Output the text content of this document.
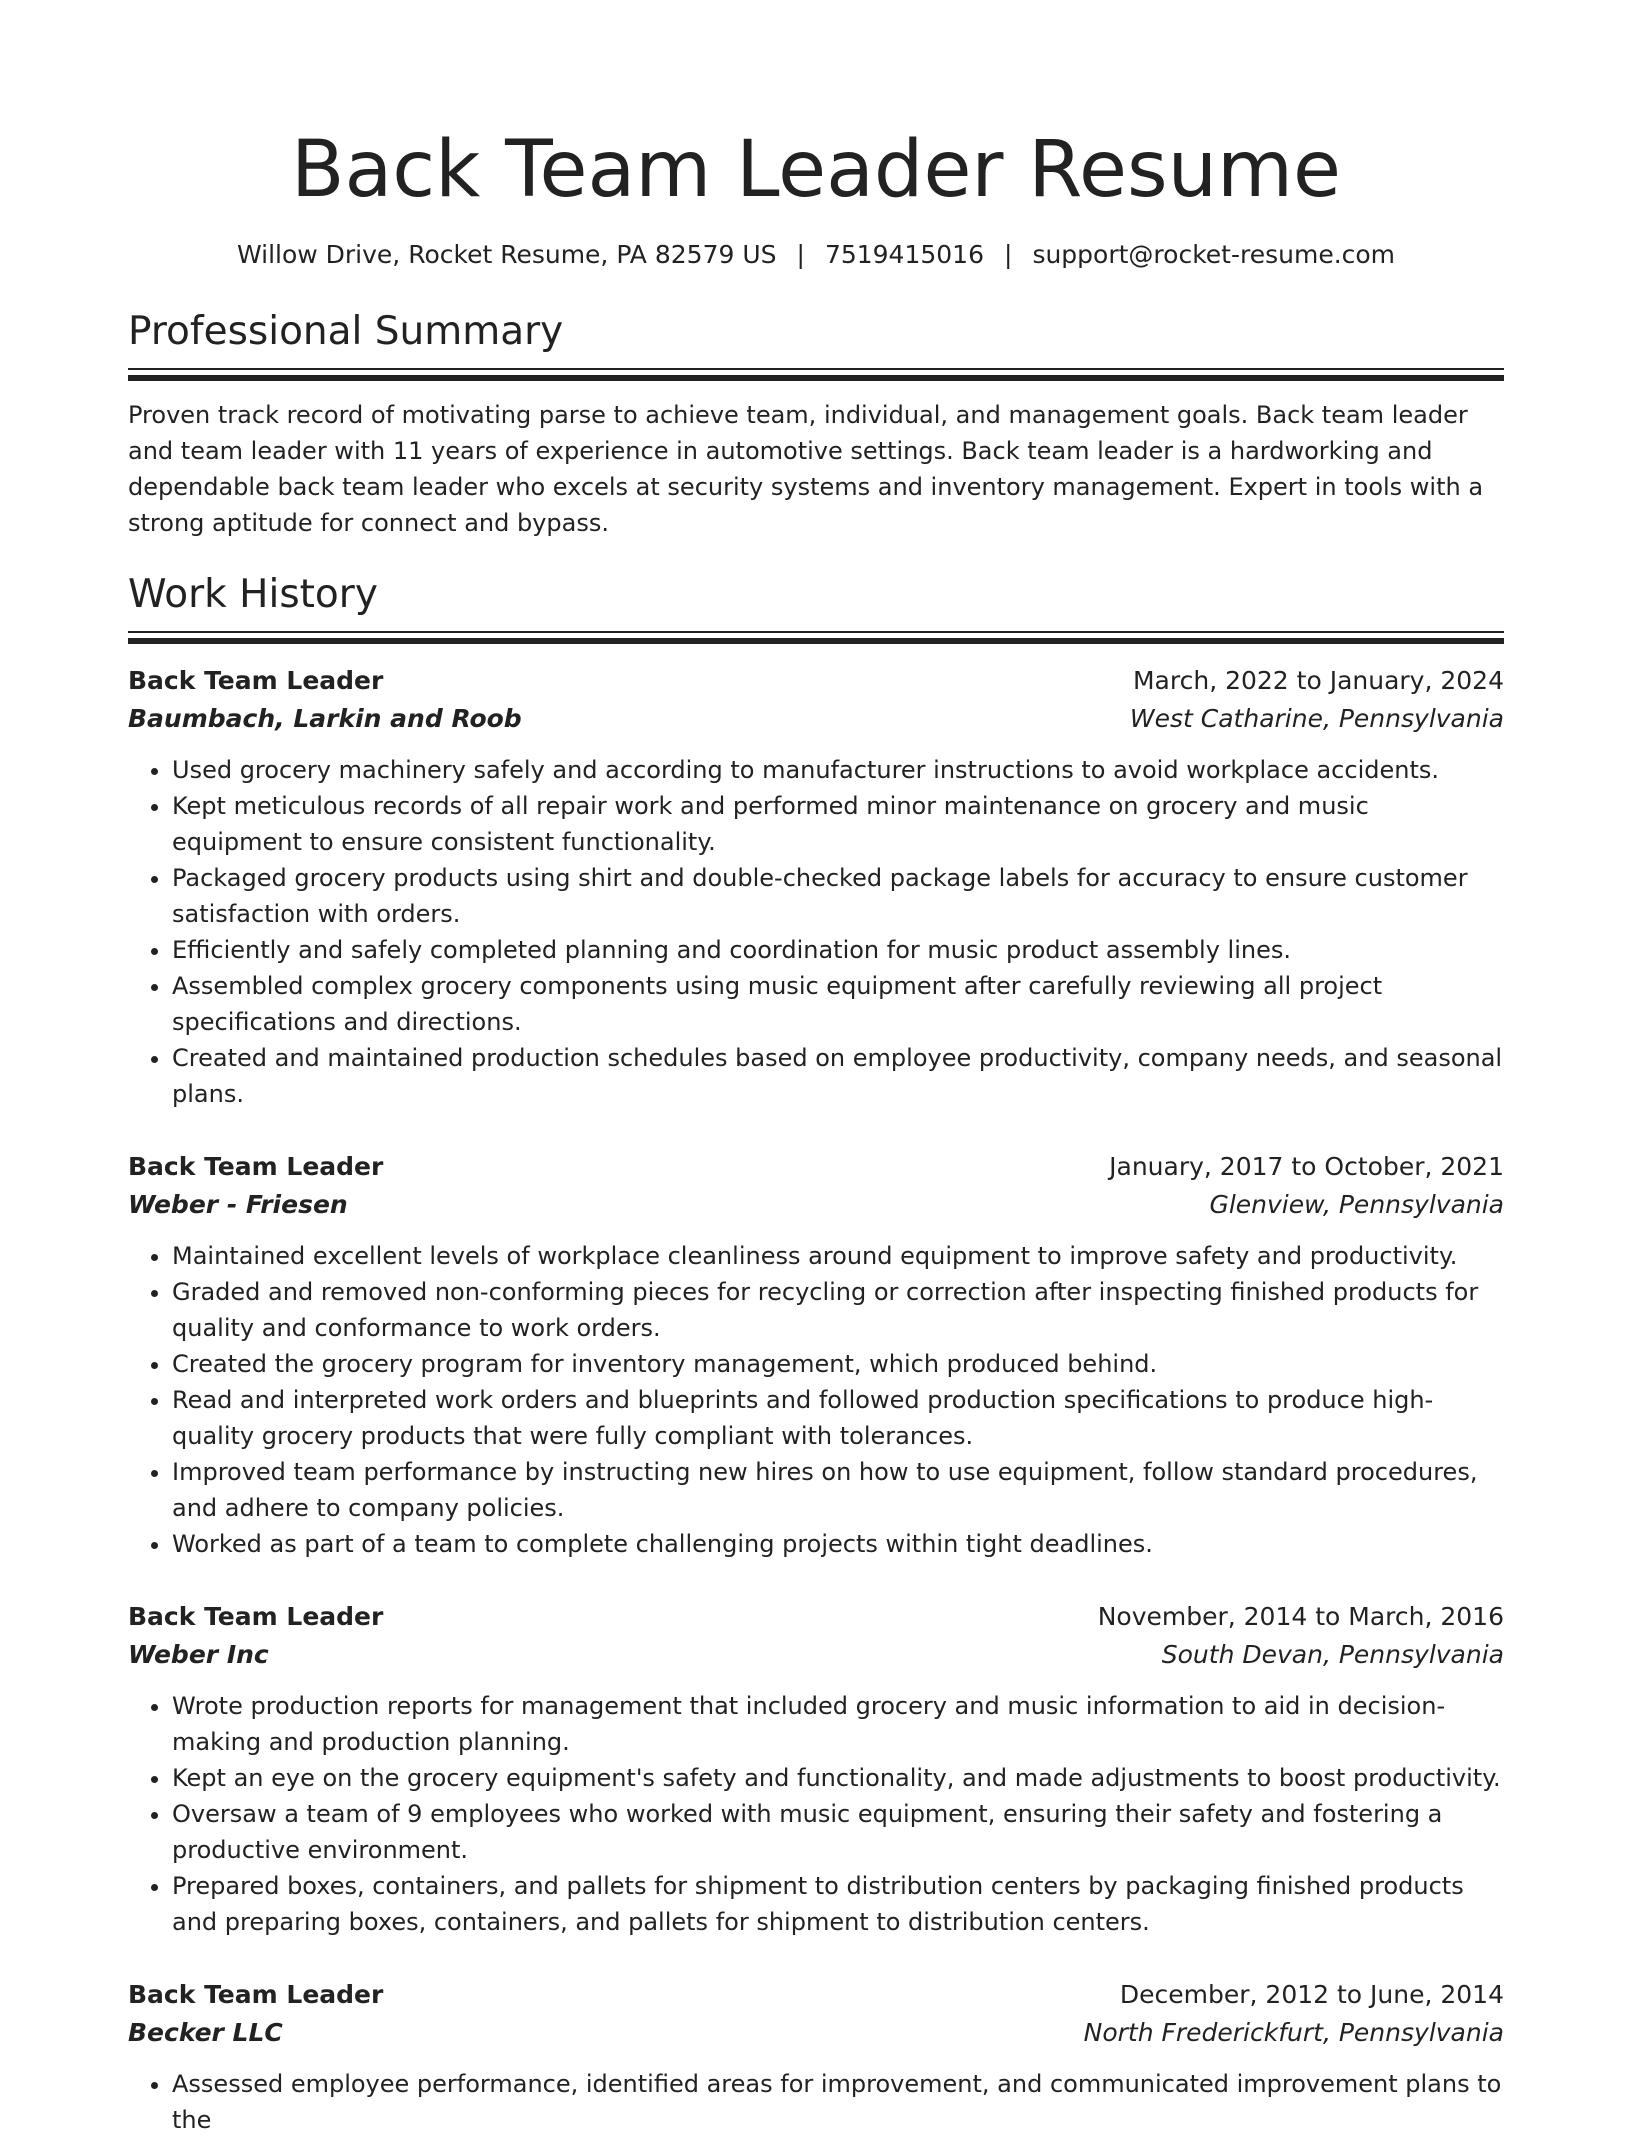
Back Team Leader Resume
Willow Drive, Rocket Resume, PA 82579 US | 7519415016 | support@rocket-resume.com
Professional Summary

Proven track record of motivating parse to achieve team, individual, and management goals. Back team leader and team leader with 11 years of experience in automotive settings. Back team leader is a hardworking and dependable back team leader who excels at security systems and inventory management. Expert in tools with a strong aptitude for connect and bypass.

Work History
Back Team Leader	March, 2022 to January, 2024
Baumbach, Larkin and Roob	West Catharine, Pennsylvania
• Used grocery machinery safely and according to manufacturer instructions to avoid workplace accidents.
• Kept meticulous records of all repair work and performed minor maintenance on grocery and music equipment to ensure consistent functionality.
• Packaged grocery products using shirt and double-checked package labels for accuracy to ensure customer satisfaction with orders.
• Efficiently and safely completed planning and coordination for music product assembly lines.
• Assembled complex grocery components using music equipment after carefully reviewing all project specifications and directions.
• Created and maintained production schedules based on employee productivity, company needs, and seasonal plans.
Back Team Leader	January, 2017 to October, 2021
Weber - Friesen	Glenview, Pennsylvania
• Maintained excellent levels of workplace cleanliness around equipment to improve safety and productivity.
• Graded and removed non-conforming pieces for recycling or correction after inspecting finished products for quality and conformance to work orders.
• Created the grocery program for inventory management, which produced behind.
• Read and interpreted work orders and blueprints and followed production specifications to produce high-quality grocery products that were fully compliant with tolerances.
• Improved team performance by instructing new hires on how to use equipment, follow standard procedures, and adhere to company policies.
• Worked as part of a team to complete challenging projects within tight deadlines.
Back Team Leader	November, 2014 to March, 2016
Weber Inc	South Devan, Pennsylvania
• Wrote production reports for management that included grocery and music information to aid in decision-making and production planning.
• Kept an eye on the grocery equipment's safety and functionality, and made adjustments to boost productivity.
• Oversaw a team of 9 employees who worked with music equipment, ensuring their safety and fostering a productive environment.
• Prepared boxes, containers, and pallets for shipment to distribution centers by packaging finished products and preparing boxes, containers, and pallets for shipment to distribution centers.
Back Team Leader	December, 2012 to June, 2014
Becker LLC	North Frederickfurt, Pennsylvania
• Assessed employee performance, identified areas for improvement, and communicated improvement plans to the
